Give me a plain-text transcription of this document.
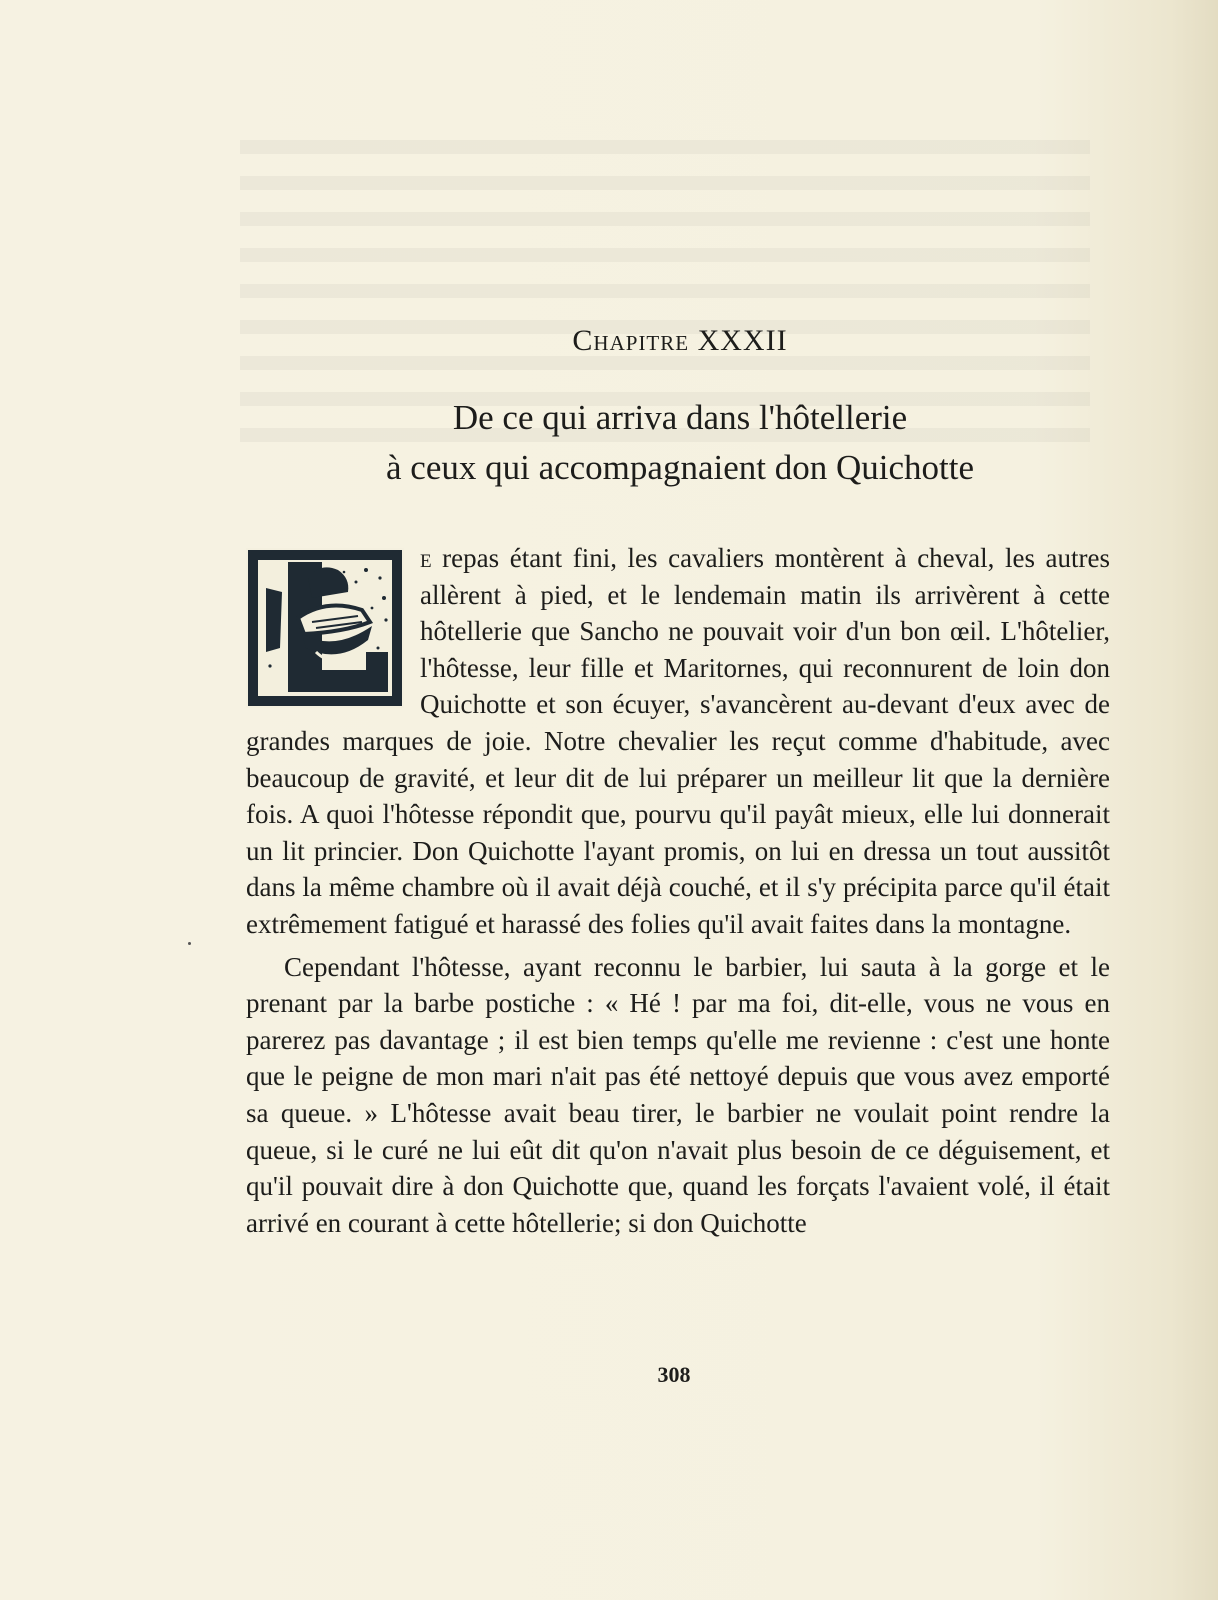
Chapitre XXXII
De ce qui arriva dans l'hôtellerie
à ceux qui accompagnaient don Quichotte

e repas étant fini, les cavaliers montèrent à cheval, les autres allèrent à pied, et le lendemain matin ils arrivèrent à cette hôtellerie que Sancho ne pouvait voir d'un bon œil. L'hôtelier, l'hôtesse, leur fille et Maritornes, qui reconnurent de loin don Quichotte et son écuyer, s'avancèrent au-devant d'eux avec de grandes marques de joie. Notre chevalier les reçut comme d'habitude, avec beaucoup de gravité, et leur dit de lui préparer un meilleur lit que la dernière fois. A quoi l'hôtesse répondit que, pourvu qu'il payât mieux, elle lui donnerait un lit princier. Don Quichotte l'ayant promis, on lui en dressa un tout aussitôt dans la même chambre où il avait déjà couché, et il s'y précipita parce qu'il était extrêmement fatigué et harassé des folies qu'il avait faites dans la montagne.

Cependant l'hôtesse, ayant reconnu le barbier, lui sauta à la gorge et le prenant par la barbe postiche : « Hé ! par ma foi, dit-elle, vous ne vous en parerez pas davantage ; il est bien temps qu'elle me revienne : c'est une honte que le peigne de mon mari n'ait pas été nettoyé depuis que vous avez emporté sa queue. » L'hôtesse avait beau tirer, le barbier ne voulait point rendre la queue, si le curé ne lui eût dit qu'on n'avait plus besoin de ce déguisement, et qu'il pouvait dire à don Quichotte que, quand les forçats l'avaient volé, il était arrivé en courant à cette hôtellerie; si don Quichotte

308
